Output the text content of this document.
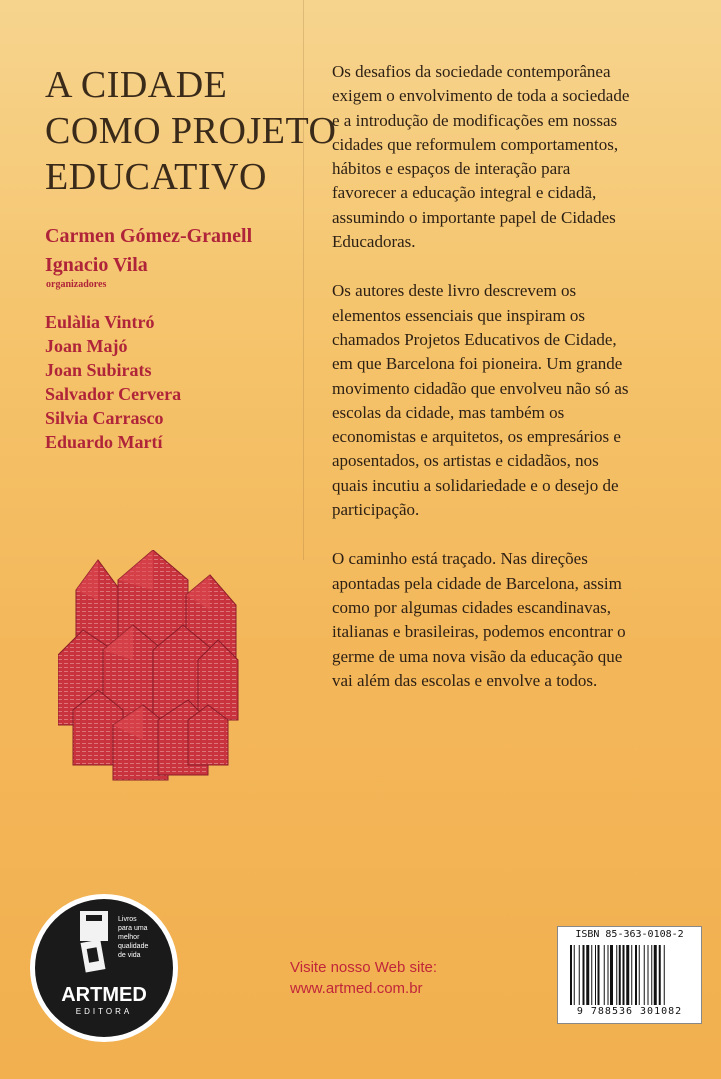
A CIDADE
COMO PROJETO
EDUCATIVO
Carmen Gómez-Granell
Ignacio Vila
organizadores
Eulàlia Vintró
Joan Majó
Joan Subirats
Salvador Cervera
Silvia Carrasco
Eduardo Martí

Os desafios da sociedade contemporânea exigem o envolvimento de toda a sociedade e a introdução de modificações em nossas cidades que reformulem comportamentos, hábitos e espaços de interação para favorecer a educação integral e cidadã, assumindo o importante papel de Cidades Educadoras.

Os autores deste livro descrevem os elementos essenciais que inspiram os chamados Projetos Educativos de Cidade, em que Barcelona foi pioneira. Um grande movimento cidadão que envolveu não só as escolas da cidade, mas também os economistas e arquitetos, os empresários e aposentados, os artistas e cidadãos, nos quais incutiu a solidariedade e o desejo de participação.

O caminho está traçado. Nas direções apontadas pela cidade de Barcelona, assim como por algumas cidades escandinavas, italianas e brasileiras, podemos encontrar o germe de uma nova visão da educação que vai além das escolas e envolve a todos.

Livros
para uma
melhor
qualidade
de vida
ARTMED
EDITORA
Visite nosso Web site:
www.artmed.com.br
ISBN 85-363-0108-2
9 788536 301082
